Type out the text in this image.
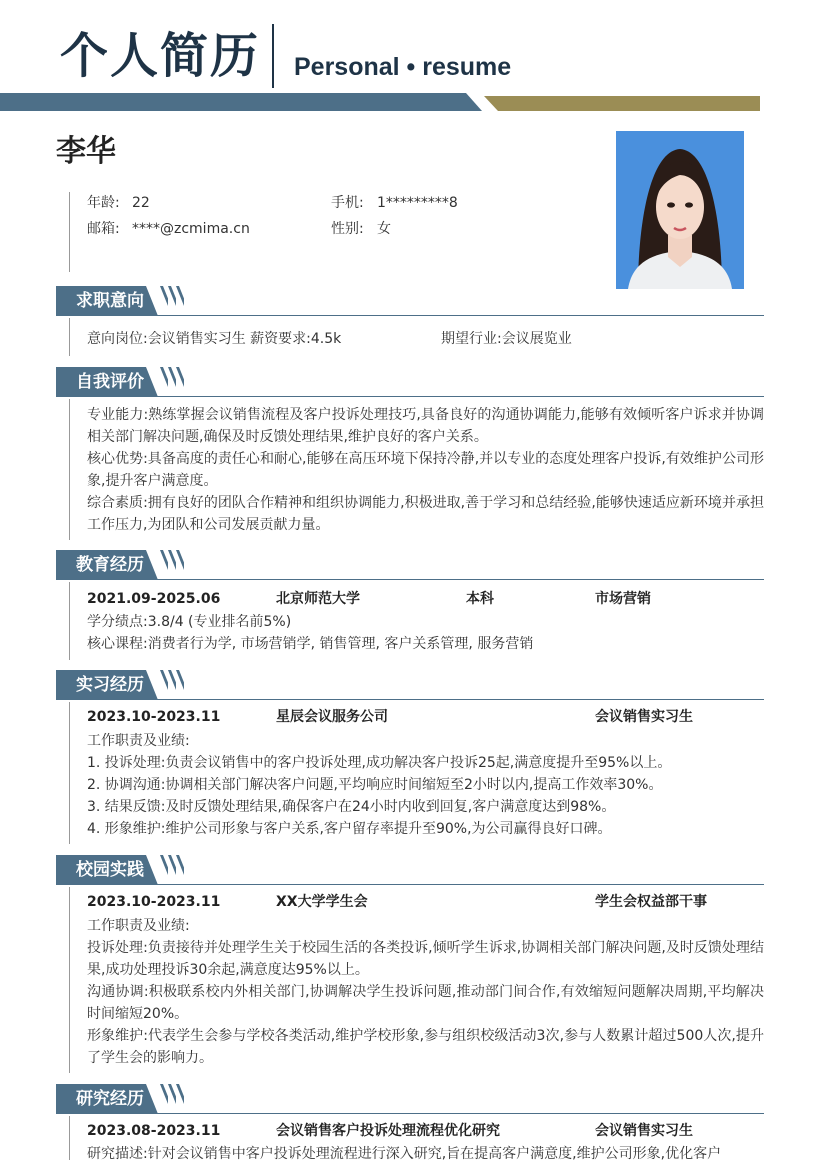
个人简历 Personal • resume
李华
年龄: 22	手机: 1*********8
邮箱: ****@zcmima.cn	性别: 女
求职意向
意向岗位:会议销售实习生 薪资要求:4.5k	期望行业:会议展览业
自我评价
专业能力:熟练掌握会议销售流程及客户投诉处理技巧,具备良好的沟通协调能力,能够有效倾听客户诉求并协调相关部门解决问题,确保及时反馈处理结果,维护良好的客户关系。
核心优势:具备高度的责任心和耐心,能够在高压环境下保持冷静,并以专业的态度处理客户投诉,有效维护公司形象,提升客户满意度。
综合素质:拥有良好的团队合作精神和组织协调能力,积极进取,善于学习和总结经验,能够快速适应新环境并承担工作压力,为团队和公司发展贡献力量。
教育经历
2021.09-2025.06	北京师范大学	本科	市场营销
学分绩点:3.8/4 (专业排名前5%)
核心课程:消费者行为学, 市场营销学, 销售管理, 客户关系管理, 服务营销
实习经历
2023.10-2023.11	星辰会议服务公司	会议销售实习生
工作职责及业绩:
1. 投诉处理:负责会议销售中的客户投诉处理,成功解决客户投诉25起,满意度提升至95%以上。
2. 协调沟通:协调相关部门解决客户问题,平均响应时间缩短至2小时以内,提高工作效率30%。
3. 结果反馈:及时反馈处理结果,确保客户在24小时内收到回复,客户满意度达到98%。
4. 形象维护:维护公司形象与客户关系,客户留存率提升至90%,为公司赢得良好口碑。
校园实践
2023.10-2023.11	XX大学学生会	学生会权益部干事
工作职责及业绩:
投诉处理:负责接待并处理学生关于校园生活的各类投诉,倾听学生诉求,协调相关部门解决问题,及时反馈处理结果,成功处理投诉30余起,满意度达95%以上。
沟通协调:积极联系校内外相关部门,协调解决学生投诉问题,推动部门间合作,有效缩短问题解决周期,平均解决时间缩短20%。
形象维护:代表学生会参与学校各类活动,维护学校形象,参与组织校级活动3次,参与人数累计超过500人次,提升了学生会的影响力。
研究经历
2023.08-2023.11	会议销售客户投诉处理流程优化研究	会议销售实习生
研究描述:针对会议销售中客户投诉处理流程进行深入研究,旨在提高客户满意度,维护公司形象,优化客户
